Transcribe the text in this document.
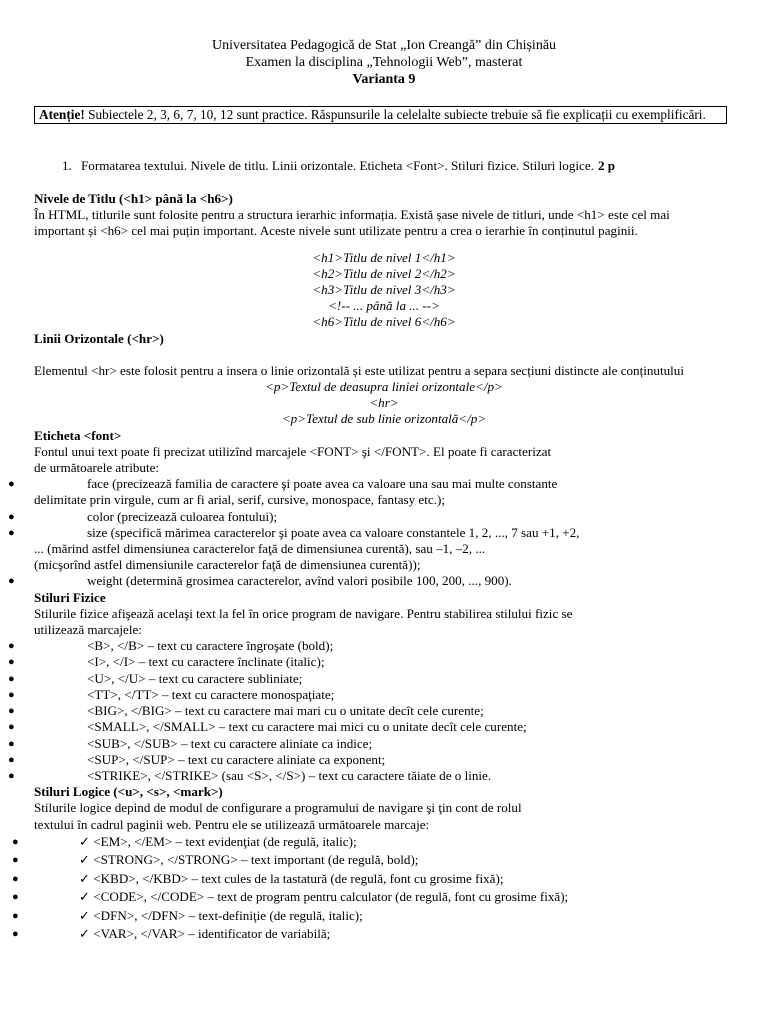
Universitatea Pedagogică de Stat „Ion Creangă” din Chișinău
Examen la disciplina „Tehnologii Web”, masterat
Varianta 9
Atenție! Subiectele 2, 3, 6, 7, 10, 12 sunt practice. Răspunsurile la celelalte subiecte trebuie să fie explicații cu exemplificări.
1. Formatarea textului. Nivele de titlu. Linii orizontale. Eticheta <Font>. Stiluri fizice. Stiluri logice. 2 p
Nivele de Titlu (<h1> până la <h6>)
În HTML, titlurile sunt folosite pentru a structura ierarhic informația. Există șase nivele de titluri, unde <h1> este cel mai
important și <h6> cel mai puțin important. Aceste nivele sunt utilizate pentru a crea o ierarhie în conținutul paginii.
<h1>Titlu de nivel 1</h1>
<h2>Titlu de nivel 2</h2>
<h3>Titlu de nivel 3</h3>
<!-- ... până la ... -->
<h6>Titlu de nivel 6</h6>
Linii Orizontale (<hr>)
Elementul <hr> este folosit pentru a insera o linie orizontală și este utilizat pentru a separa secțiuni distincte ale conținutului
<p>Textul de deasupra liniei orizontale</p>
<hr>
<p>Textul de sub linie orizontală</p>
Eticheta <font>
Fontul unui text poate fi precizat utilizînd marcajele <FONT> şi </FONT>. El poate fi caracterizat
de următoarele atribute:
●	face (precizează familia de caractere şi poate avea ca valoare una sau mai multe constante
delimitate prin virgule, cum ar fi arial, serif, cursive, monospace, fantasy etc.);
●	color (precizează culoarea fontului);
●	size (specifică mărimea caracterelor şi poate avea ca valoare constantele 1, 2, ..., 7 sau +1, +2,
... (mărind astfel dimensiunea caracterelor faţă de dimensiunea curentă), sau –1, –2, ...
(micşorînd astfel dimensiunile caracterelor faţă de dimensiunea curentă));
●	weight (determină grosimea caracterelor, avînd valori posibile 100, 200, ..., 900).
Stiluri Fizice
Stilurile fizice afişează acelaşi text la fel în orice program de navigare. Pentru stabilirea stilului fizic se
utilizează marcajele:
●	<B>, </B> – text cu caractere îngroşate (bold);
●	<I>, </I> – text cu caractere înclinate (italic);
●	<U>, </U> – text cu caractere subliniate;
●	<TT>, </TT> – text cu caractere monospaţiate;
●	<BIG>, </BIG> – text cu caractere mai mari cu o unitate decît cele curente;
●	<SMALL>, </SMALL> – text cu caractere mai mici cu o unitate decît cele curente;
●	<SUB>, </SUB> – text cu caractere aliniate ca indice;
●	<SUP>, </SUP> – text cu caractere aliniate ca exponent;
●	<STRIKE>, </STRIKE> (sau <S>, </S>) – text cu caractere tăiate de o linie.
Stiluri Logice (<u>, <s>, <mark>)
Stilurile logice depind de modul de configurare a programului de navigare şi ţin cont de rolul
textului în cadrul paginii web. Pentru ele se utilizează următoarele marcaje:
●	✓ <EM>, </EM> – text evidenţiat (de regulă, italic);
●	✓ <STRONG>, </STRONG> – text important (de regulă, bold);
●	✓ <KBD>, </KBD> – text cules de la tastatură (de regulă, font cu grosime fixă);
●	✓ <CODE>, </CODE> – text de program pentru calculator (de regulă, font cu grosime fixă);
●	✓ <DFN>, </DFN> – text-definiţie (de regulă, italic);
●	✓ <VAR>, </VAR> – identificator de variabilă;
